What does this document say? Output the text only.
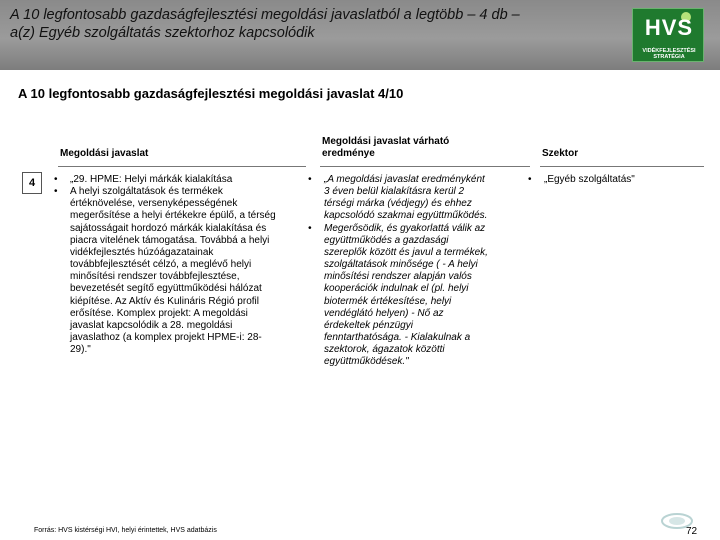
A 10 legfontosabb gazdaságfejlesztési megoldási javaslatból a legtöbb – 4 db –
a(z) Egyéb szolgáltatás szektorhoz kapcsolódik	HVS
VIDÉKFEJLESZTÉSI STRATÉGIA
A 10 legfontosabb gazdaságfejlesztési megoldási javaslat 4/10
Megoldási javaslat
Megoldási javaslat várható
eredménye	Szektor
4
•	„29. HPME: Helyi márkák kialakítása
• A helyi szolgáltatások és termékek
értéknövelése, versenyképességének
megerősítése a helyi értékekre épülő, a térség
sajátosságait hordozó márkák kialakítása és
piacra vitelének támogatása. Továbbá a helyi
vidékfejlesztés húzóágazatainak
továbbfejlesztését célzó, a meglévő helyi
minősítési rendszer továbbfejlesztése,
bevezetését segítő együttműködési hálózat
kiépítése. Az Aktív és Kulináris Régió profil
erősítése. Komplex projekt: A megoldási
javaslat kapcsolódik a 28. megoldási
javaslathoz (a komplex projekt HPME-i: 28-
29)."
• „A megoldási javaslat eredményként
3 éven belül kialakításra kerül 2
térségi márka (védjegy) és ehhez
kapcsolódó szakmai együttműködés.
• Megerősödik, és gyakorlattá válik az
együttműködés a gazdasági
szereplők között és javul a termékek,
szolgáltatások minősége ( - A helyi
minősítési rendszer alapján valós
kooperációk indulnak el (pl. helyi
biotermék értékesítése, helyi
vendéglátó helyen) - Nő az
érdekeltek pénzügyi
fenntarthatósága. - Kialakulnak a
szektorok, ágazatok közötti
együttműködések."
• „Egyéb szolgáltatás"
Forrás: HVS kistérségi HVI, helyi érintettek, HVS adatbázis	72
